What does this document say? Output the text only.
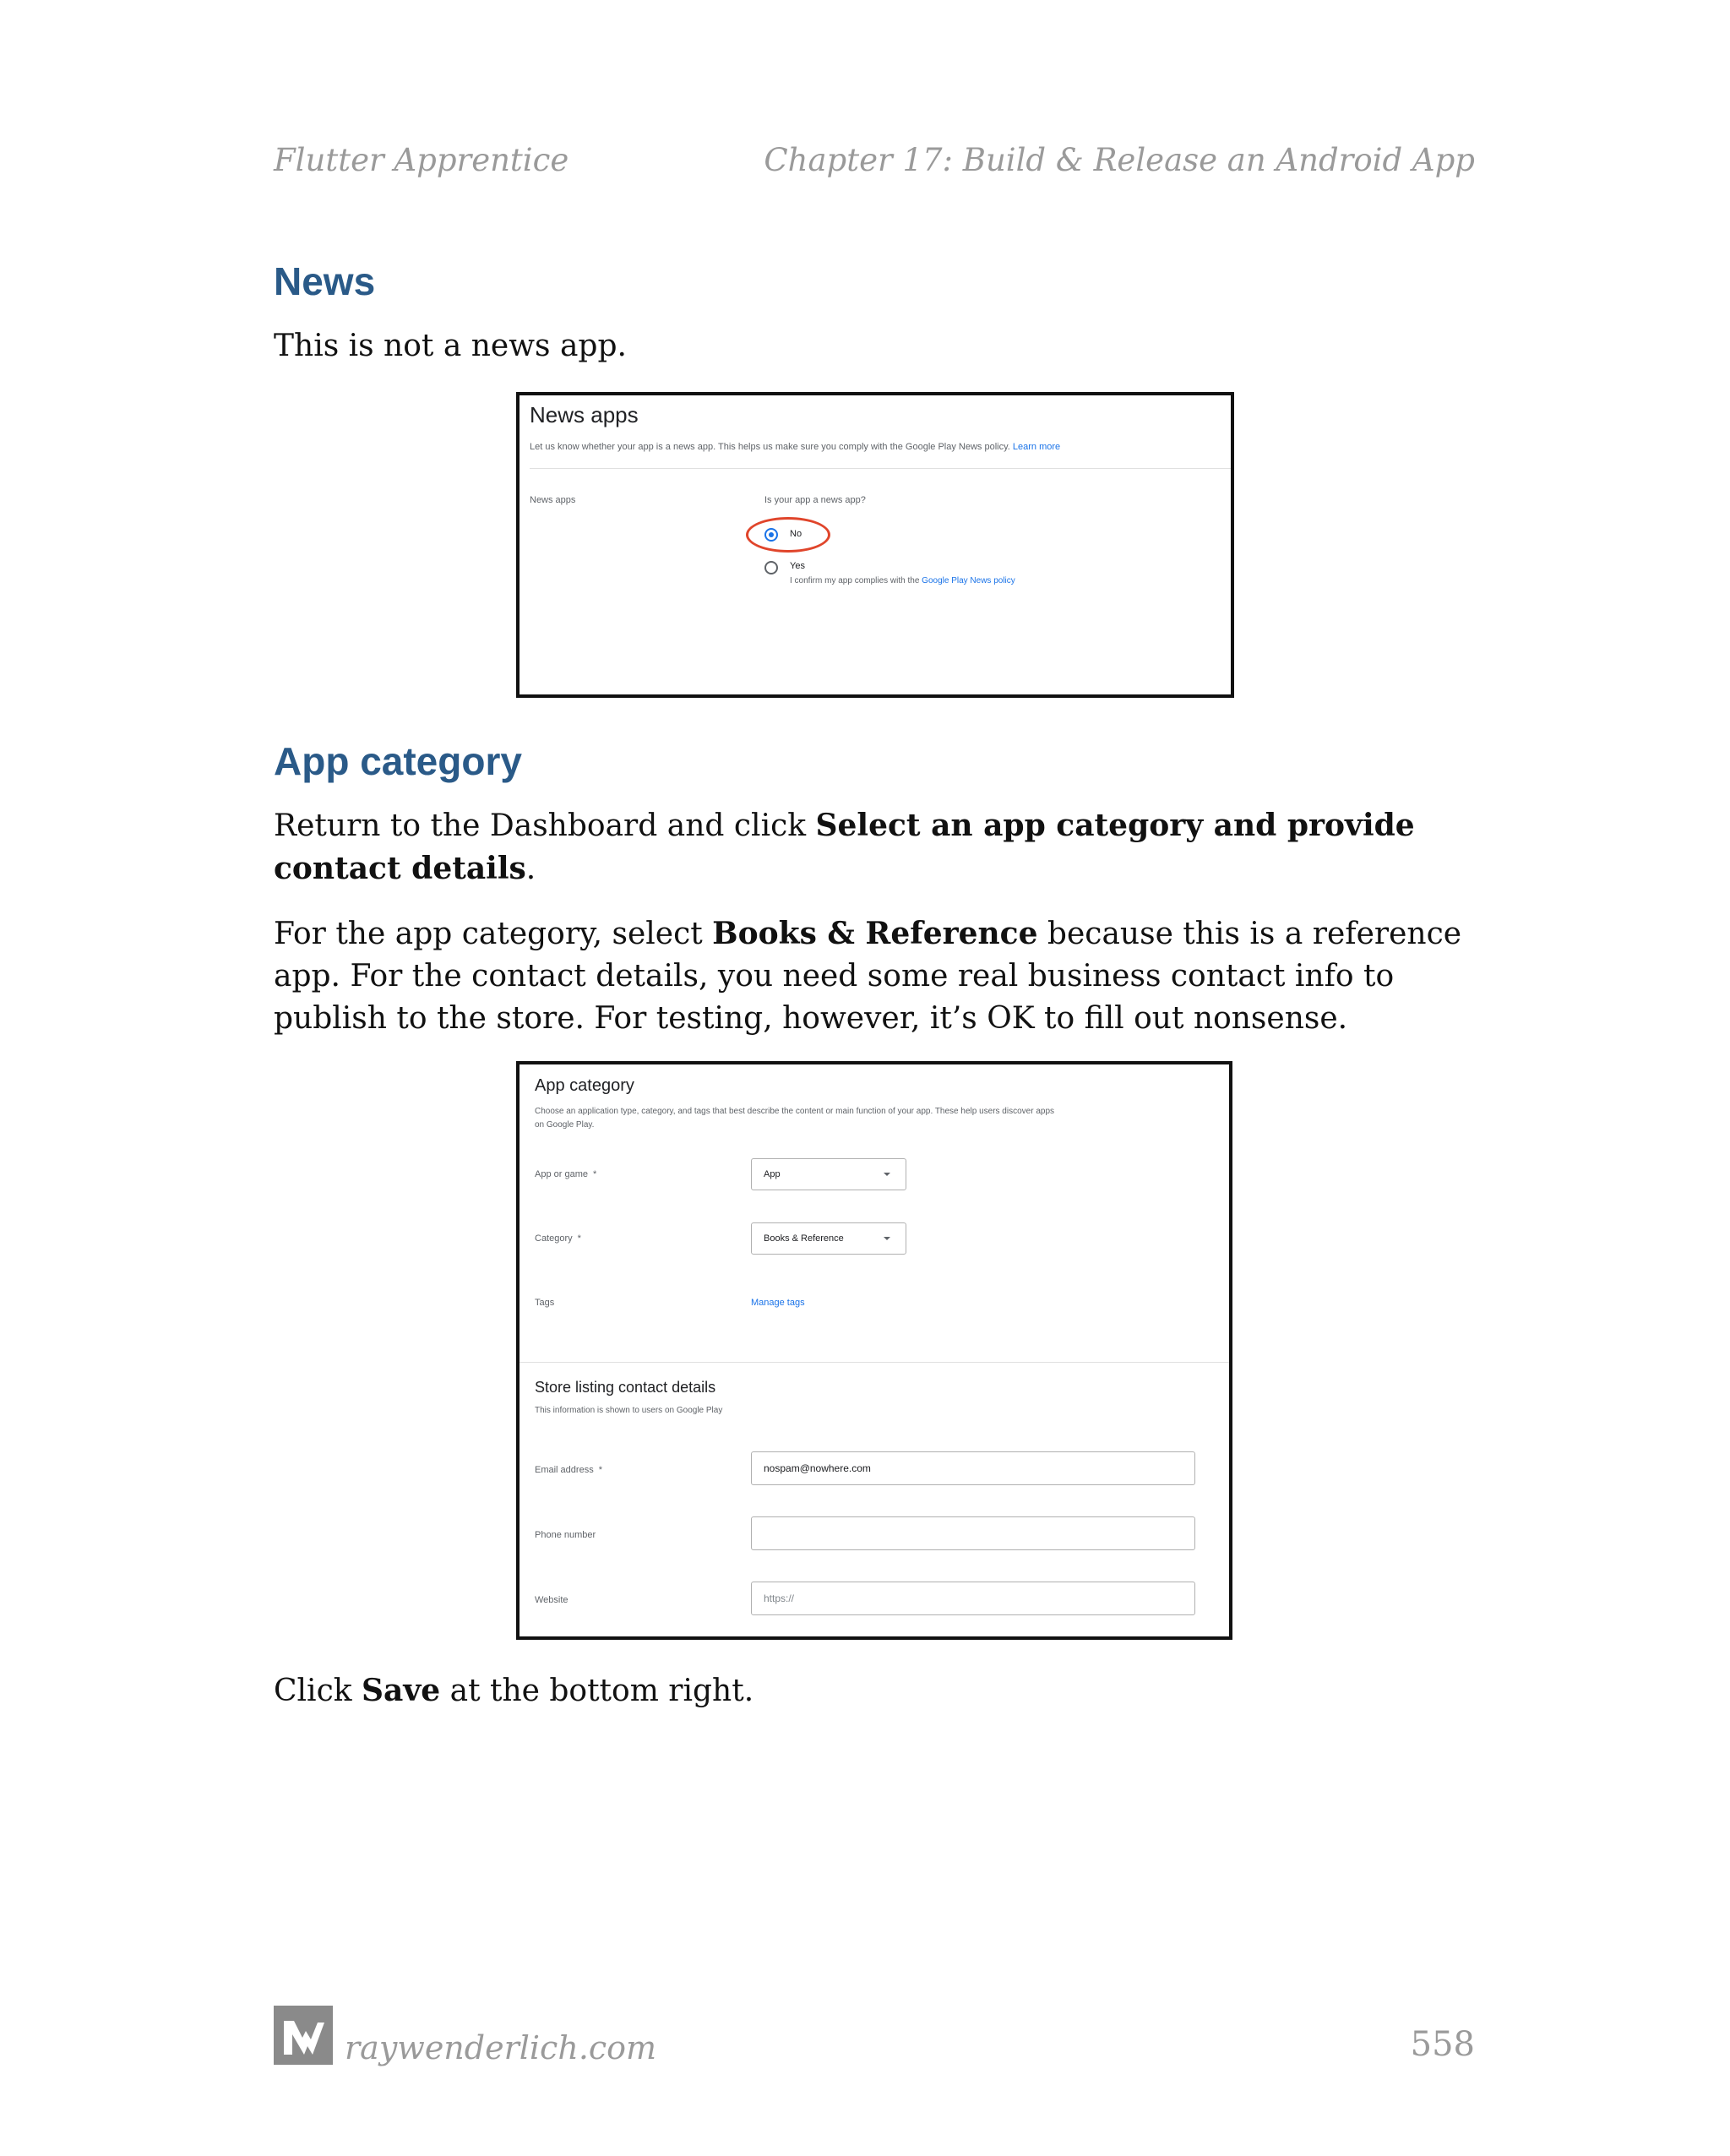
Flutter Apprentice	Chapter 17: Build & Release an Android App
News
This is not a news app.
News apps
Let us know whether your app is a news app. This helps us make sure you comply with the Google Play News policy. Learn more
News apps	Is your app a news app?
No
Yes
I confirm my app complies with the Google Play News policy
App category
Return to the Dashboard and click Select an app category and provide contact details.
For the app category, select Books & Reference because this is a reference app. For the contact details, you need some real business contact info to publish to the store. For testing, however, it’s OK to fill out nonsense.
App category
Choose an application type, category, and tags that best describe the content or main function of your app. These help users discover apps
on Google Play.
App or game *	App
Category *	Books & Reference
Tags	Manage tags
Store listing contact details
This information is shown to users on Google Play
Email address *	nospam@nowhere.com
Phone number
Website	https://
Click Save at the bottom right.
raywenderlich.com	558
